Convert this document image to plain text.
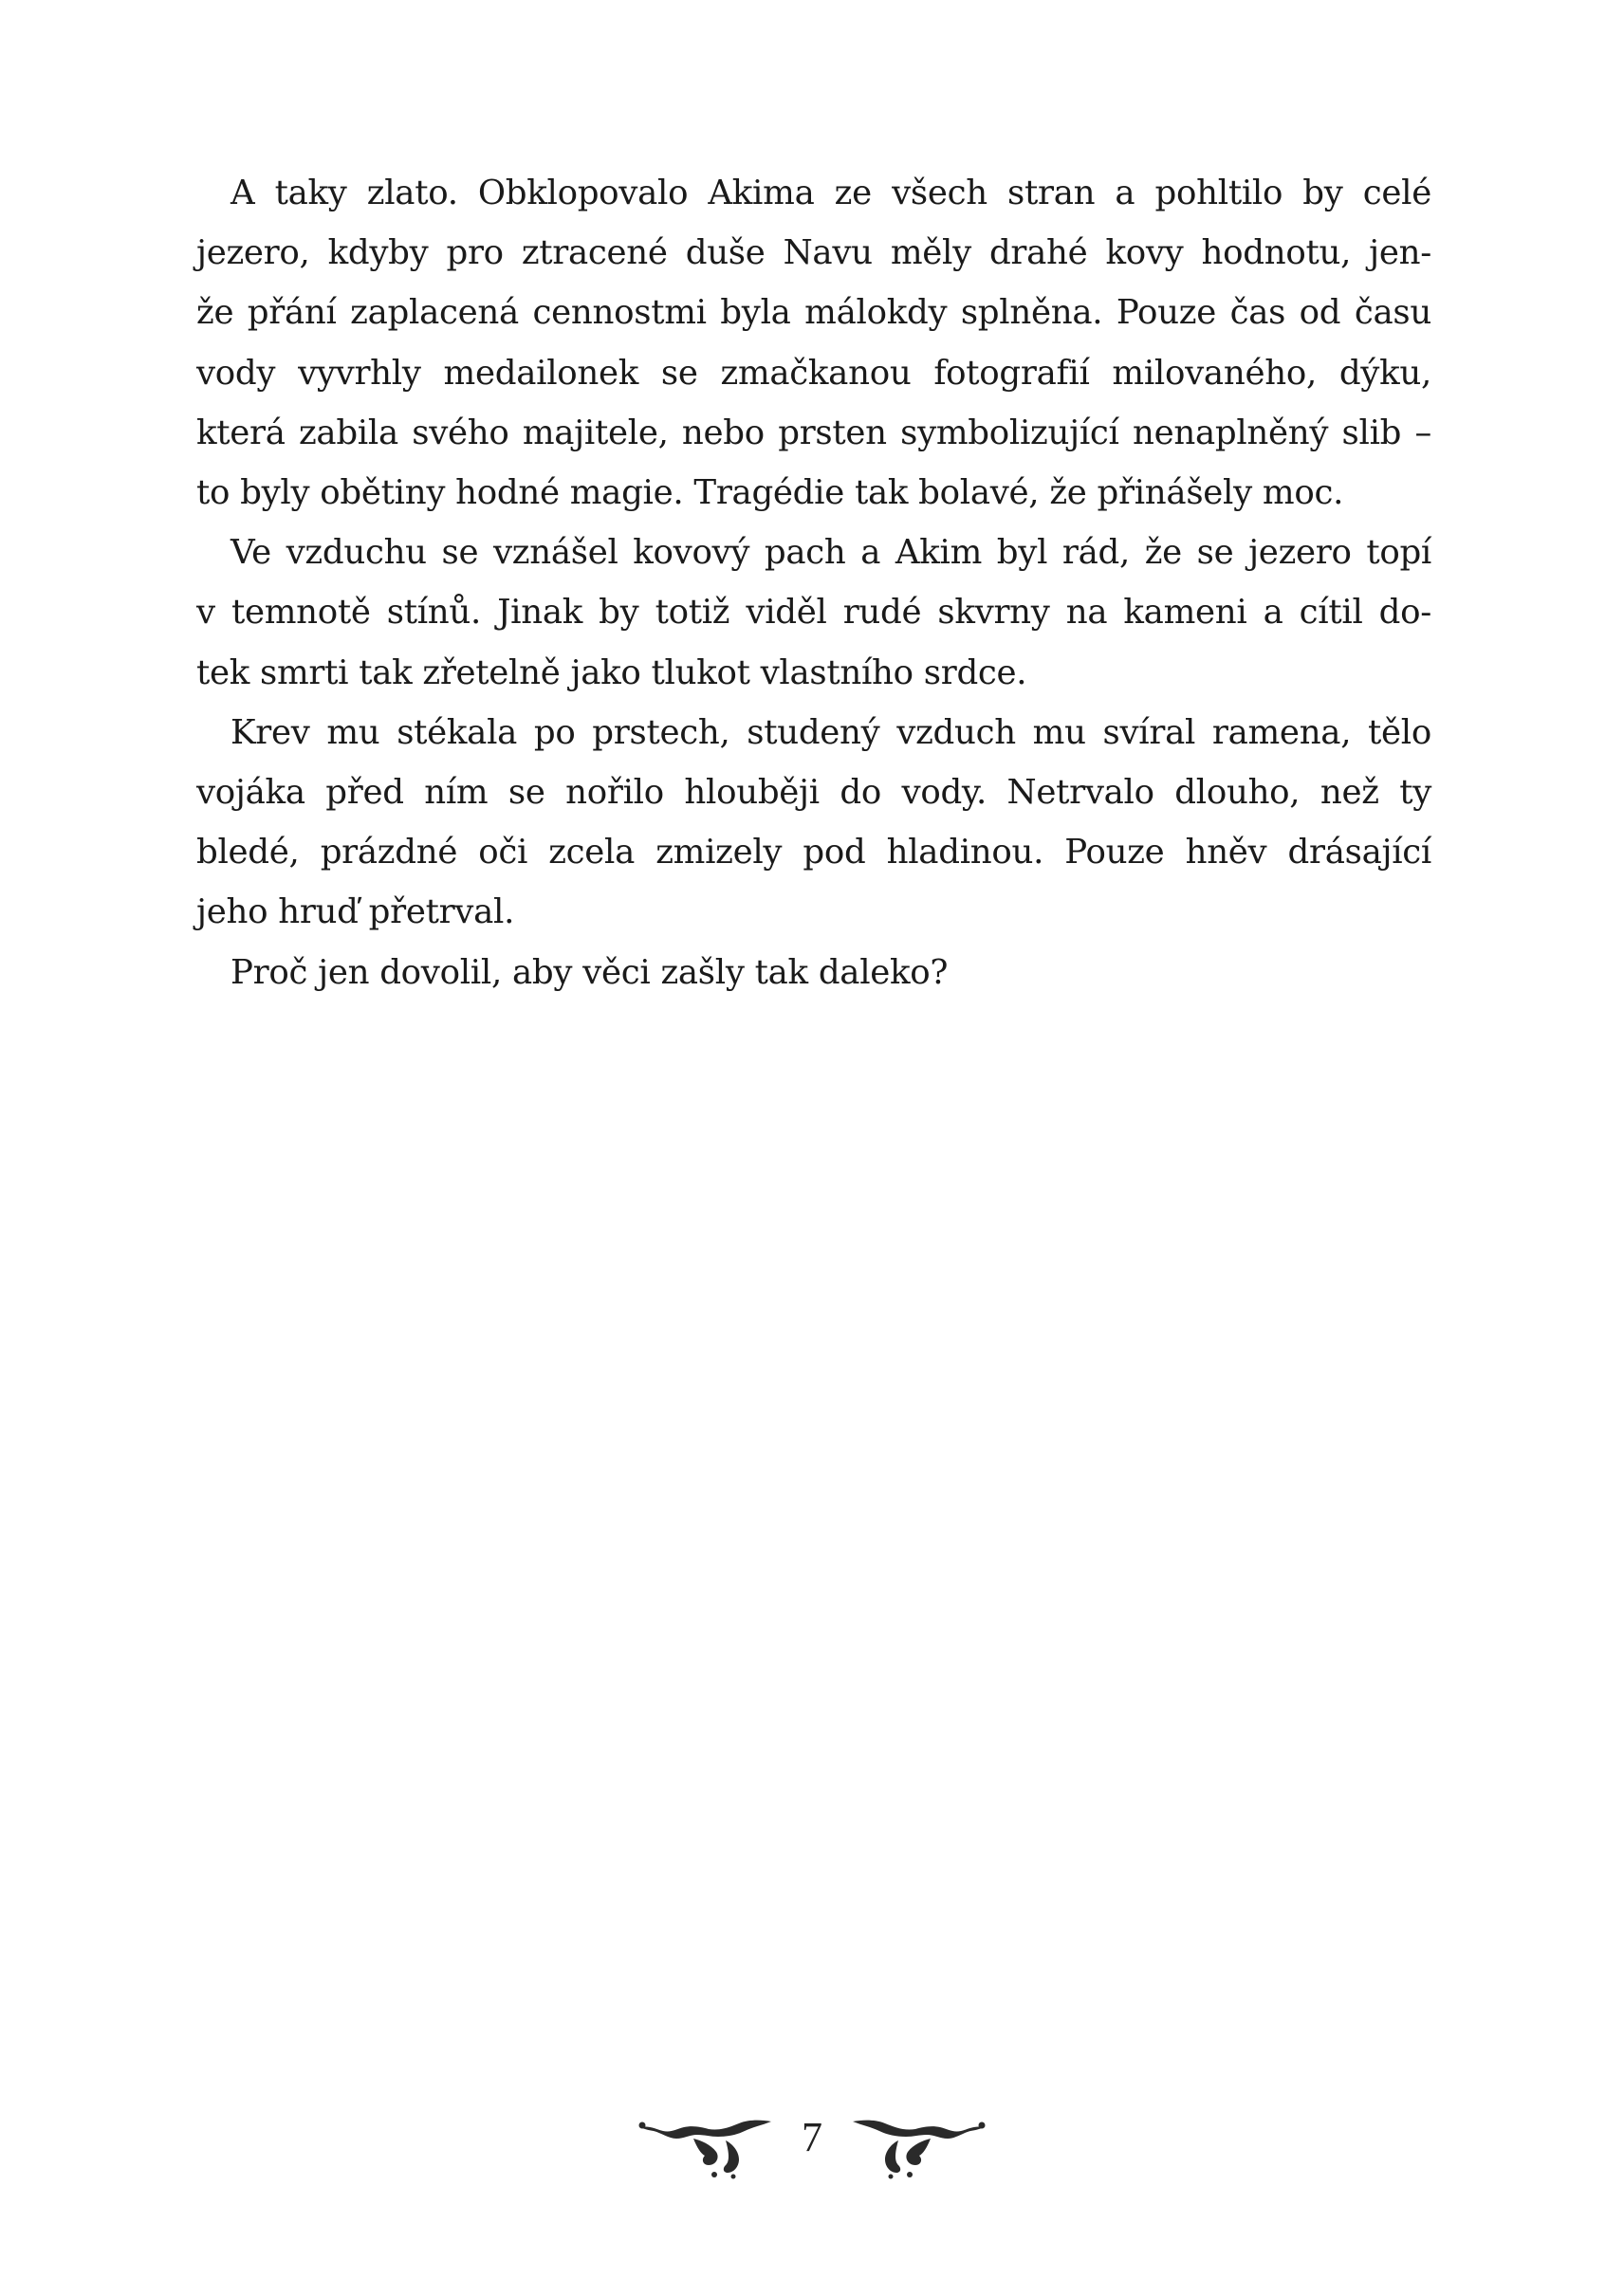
A taky zlato. Obklopovalo Akima ze všech stran a pohltilo by celé
jezero, kdyby pro ztracené duše Navu měly drahé kovy hodnotu, jen-
že přání zaplacená cennostmi byla málokdy splněna. Pouze čas od času
vody vyvrhly medailonek se zmačkanou fotografií milovaného, dýku,
která zabila svého majitele, nebo prsten symbolizující nenaplněný slib –
to byly obětiny hodné magie. Tragédie tak bolavé, že přinášely moc.

Ve vzduchu se vznášel kovový pach a Akim byl rád, že se jezero topí
v temnotě stínů. Jinak by totiž viděl rudé skvrny na kameni a cítil do-
tek smrti tak zřetelně jako tlukot vlastního srdce.

Krev mu stékala po prstech, studený vzduch mu svíral ramena, tělo
vojáka před ním se nořilo hlouběji do vody. Netrvalo dlouho, než ty
bledé, prázdné oči zcela zmizely pod hladinou. Pouze hněv drásající
jeho hruď přetrval.

Proč jen dovolil, aby věci zašly tak daleko?

7
